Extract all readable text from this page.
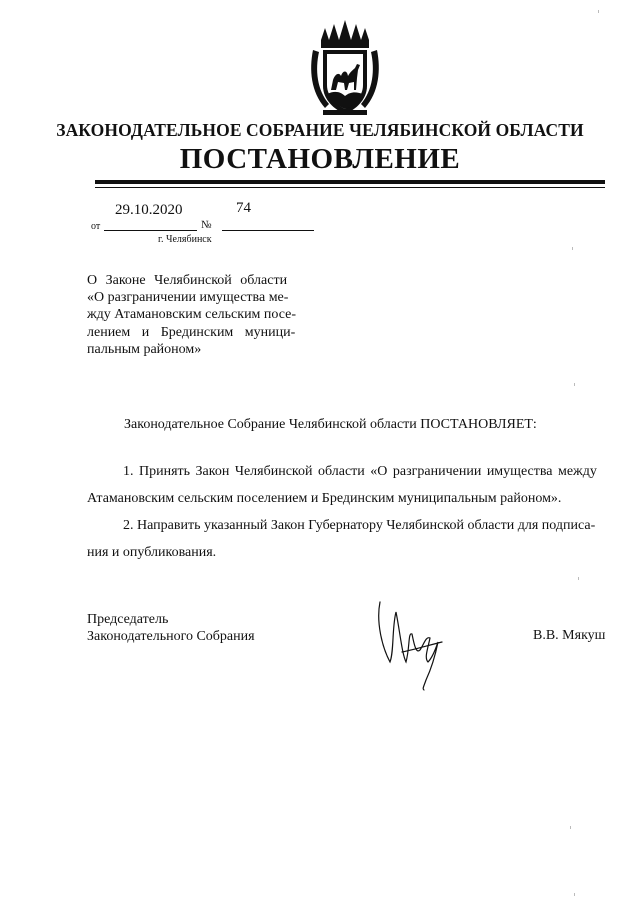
ЗАКОНОДАТЕЛЬНОЕ СОБРАНИЕ ЧЕЛЯБИНСКОЙ ОБЛАСТИ
ПОСТАНОВЛЕНИЕ
от
29.10.2020
№
74
г. Челябинск
О Законе Челябинской области
«О разграничении имущества ме-
жду Атамановским сельским посе-
лением и Брединским муници-
пальным районом»
Законодательное Собрание Челябинской области ПОСТАНОВЛЯЕТ:
1. Принять Закон Челябинской области «О разграничении имущества между
Атамановским сельским поселением и Брединским муниципальным районом».
2. Направить указанный Закон Губернатору Челябинской области для подписа-
ния и опубликования.
Председатель
Законодательного Собрания	В.В. Мякуш
